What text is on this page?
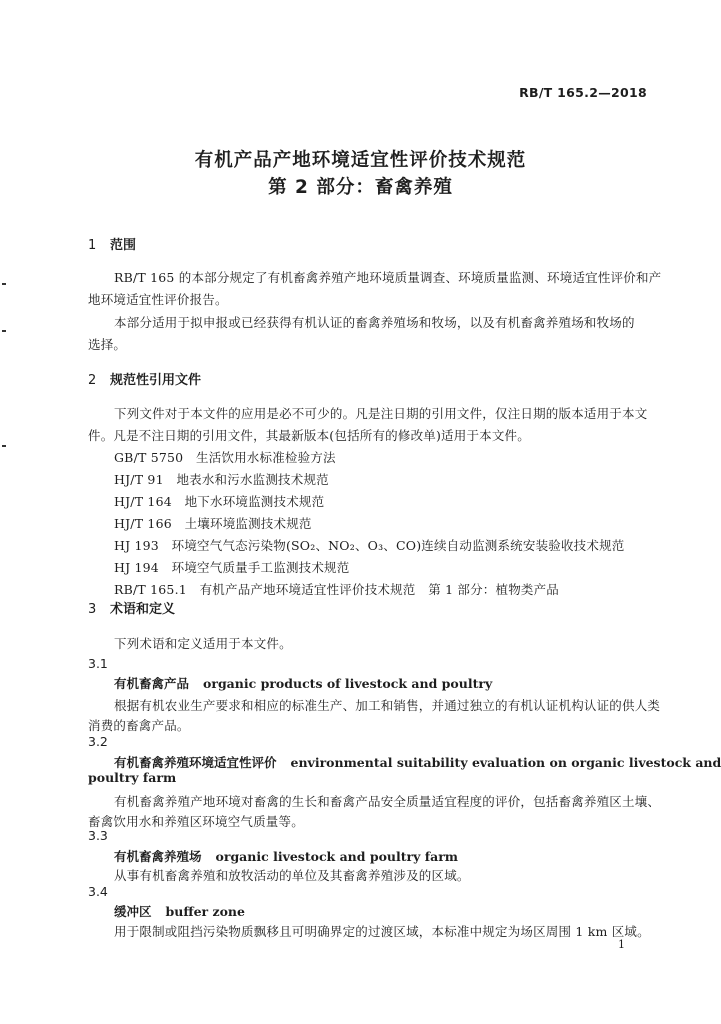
RB/T 165.2—2018
有机产品产地环境适宜性评价技术规范
第 2 部分：畜禽养殖
1 范围
RB/T 165 的本部分规定了有机畜禽养殖产地环境质量调查、环境质量监测、环境适宜性评价和产
地环境适宜性评价报告。
本部分适用于拟申报或已经获得有机认证的畜禽养殖场和牧场，以及有机畜禽养殖场和牧场的
选择。
2 规范性引用文件
下列文件对于本文件的应用是必不可少的。凡是注日期的引用文件，仅注日期的版本适用于本文
件。凡是不注日期的引用文件，其最新版本(包括所有的修改单)适用于本文件。
GB/T 5750　生活饮用水标准检验方法
HJ/T 91　地表水和污水监测技术规范
HJ/T 164　地下水环境监测技术规范
HJ/T 166　土壤环境监测技术规范
HJ 193　环境空气气态污染物(SO₂、NO₂、O₃、CO)连续自动监测系统安装验收技术规范
HJ 194　环境空气质量手工监测技术规范
RB/T 165.1　有机产品产地环境适宜性评价技术规范　第 1 部分：植物类产品
3 术语和定义
下列术语和定义适用于本文件。
3.1
有机畜禽产品 organic products of livestock and poultry
根据有机农业生产要求和相应的标准生产、加工和销售，并通过独立的有机认证机构认证的供人类
消费的畜禽产品。
3.2
有机畜禽养殖环境适宜性评价 environmental suitability evaluation on organic livestock and
poultry farm
有机畜禽养殖产地环境对畜禽的生长和畜禽产品安全质量适宜程度的评价，包括畜禽养殖区土壤、
畜禽饮用水和养殖区环境空气质量等。
3.3
有机畜禽养殖场 organic livestock and poultry farm
从事有机畜禽养殖和放牧活动的单位及其畜禽养殖涉及的区域。
3.4
缓冲区 buffer zone
用于限制或阻挡污染物质飘移且可明确界定的过渡区域，本标准中规定为场区周围 1 km 区域。
1
